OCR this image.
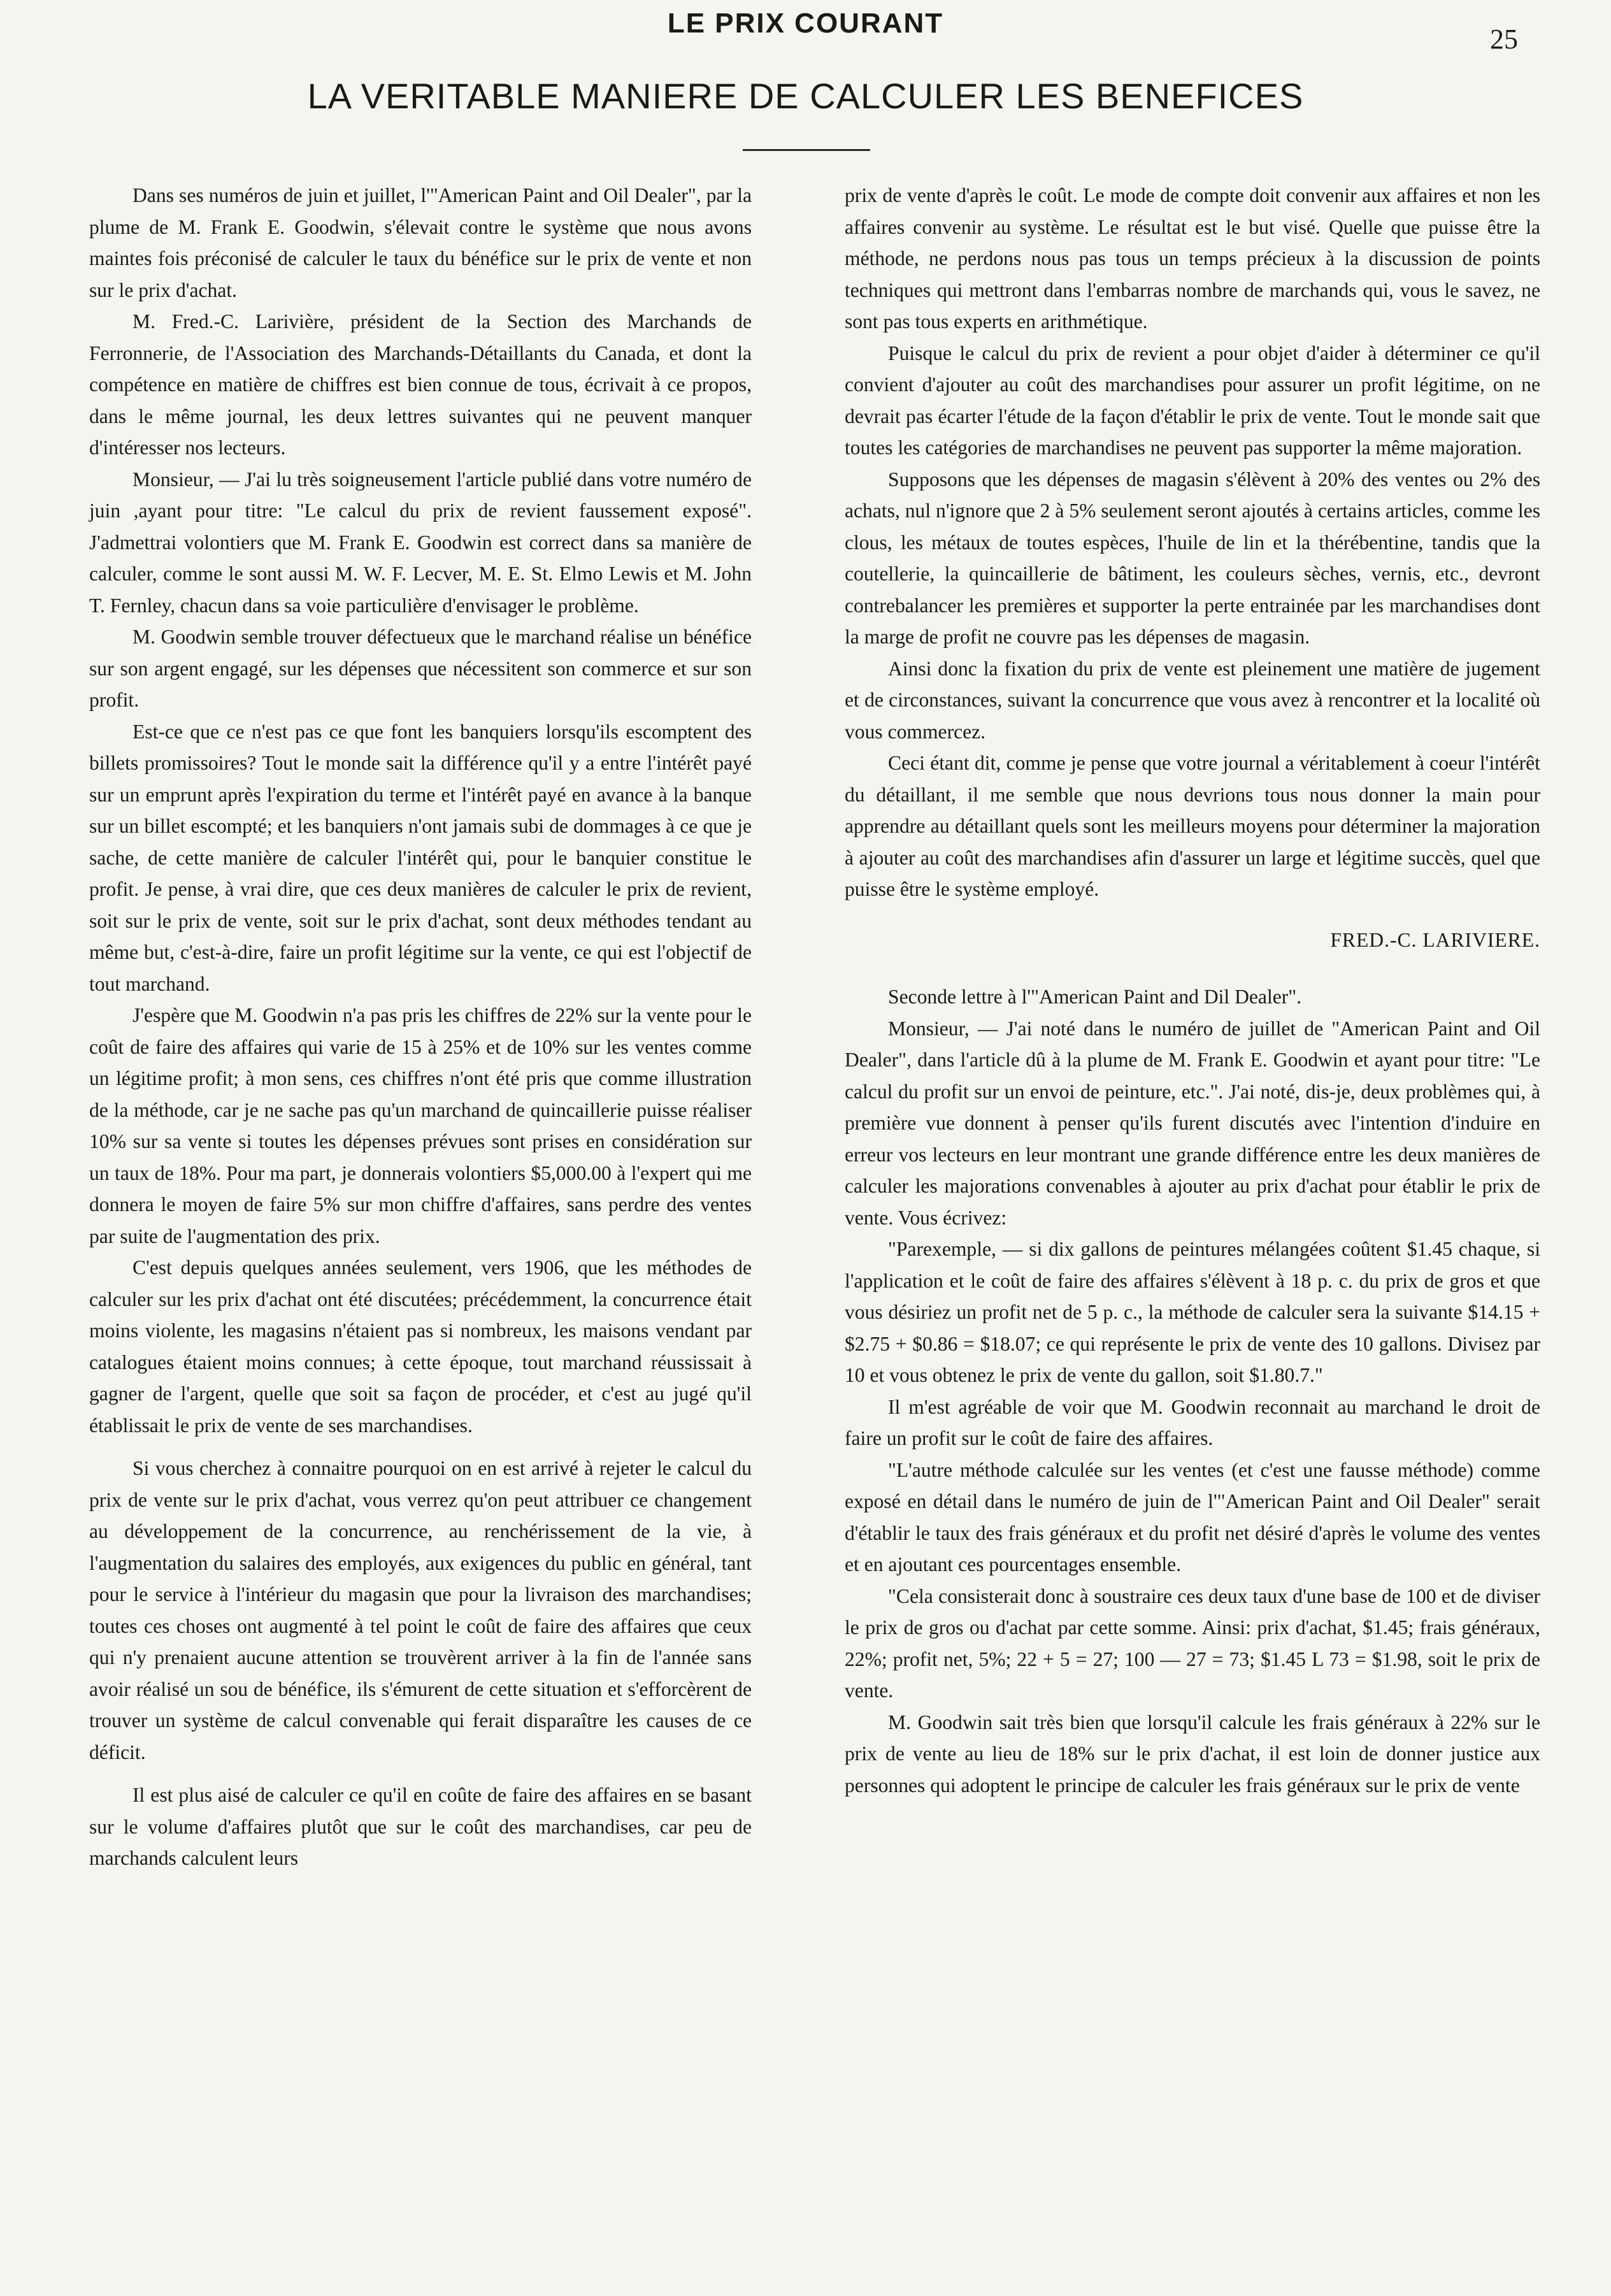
LE PRIX COURANT
25
LA VERITABLE MANIERE DE CALCULER LES BENEFICES

Dans ses numéros de juin et juillet, l'"American Paint and Oil Dealer", par la plume de M. Frank E. Goodwin, s'élevait contre le système que nous avons maintes fois préconisé de calculer le taux du bénéfice sur le prix de vente et non sur le prix d'achat.

M. Fred.-C. Larivière, président de la Section des Marchands de Ferronnerie, de l'Association des Marchands-Détaillants du Canada, et dont la compétence en matière de chiffres est bien connue de tous, écrivait à ce propos, dans le même journal, les deux lettres suivantes qui ne peuvent manquer d'intéresser nos lecteurs.

Monsieur, — J'ai lu très soigneusement l'article publié dans votre numéro de juin ,ayant pour titre: "Le calcul du prix de revient faussement exposé". J'admettrai volontiers que M. Frank E. Goodwin est correct dans sa manière de calculer, comme le sont aussi M. W. F. Lecver, M. E. St. Elmo Lewis et M. John T. Fernley, chacun dans sa voie particulière d'envisager le problème.

M. Goodwin semble trouver défectueux que le marchand réalise un bénéfice sur son argent engagé, sur les dépenses que nécessitent son commerce et sur son profit.

Est-ce que ce n'est pas ce que font les banquiers lorsqu'ils escomptent des billets promissoires? Tout le monde sait la différence qu'il y a entre l'intérêt payé sur un emprunt après l'expiration du terme et l'intérêt payé en avance à la banque sur un billet escompté; et les banquiers n'ont jamais subi de dommages à ce que je sache, de cette manière de calculer l'intérêt qui, pour le banquier constitue le profit. Je pense, à vrai dire, que ces deux manières de calculer le prix de revient, soit sur le prix de vente, soit sur le prix d'achat, sont deux méthodes tendant au même but, c'est-à-dire, faire un profit légitime sur la vente, ce qui est l'objectif de tout marchand.

J'espère que M. Goodwin n'a pas pris les chiffres de 22% sur la vente pour le coût de faire des affaires qui varie de 15 à 25% et de 10% sur les ventes comme un légitime profit; à mon sens, ces chiffres n'ont été pris que comme illustration de la méthode, car je ne sache pas qu'un marchand de quincaillerie puisse réaliser 10% sur sa vente si toutes les dépenses prévues sont prises en considération sur un taux de 18%. Pour ma part, je donnerais volontiers $5,000.00 à l'expert qui me donnera le moyen de faire 5% sur mon chiffre d'affaires, sans perdre des ventes par suite de l'augmentation des prix.

C'est depuis quelques années seulement, vers 1906, que les méthodes de calculer sur les prix d'achat ont été discutées; précédemment, la concurrence était moins violente, les magasins n'étaient pas si nombreux, les maisons vendant par catalogues étaient moins connues; à cette époque, tout marchand réussissait à gagner de l'argent, quelle que soit sa façon de procéder, et c'est au jugé qu'il établissait le prix de vente de ses marchandises.

Si vous cherchez à connaitre pourquoi on en est arrivé à rejeter le calcul du prix de vente sur le prix d'achat, vous verrez qu'on peut attribuer ce changement au développement de la concurrence, au renchérissement de la vie, à l'augmentation du salaires des employés, aux exigences du public en général, tant pour le service à l'intérieur du magasin que pour la livraison des marchandises; toutes ces choses ont augmenté à tel point le coût de faire des affaires que ceux qui n'y prenaient aucune attention se trouvèrent arriver à la fin de l'année sans avoir réalisé un sou de bénéfice, ils s'émurent de cette situation et s'efforcèrent de trouver un système de calcul convenable qui ferait disparaître les causes de ce déficit.

Il est plus aisé de calculer ce qu'il en coûte de faire des affaires en se basant sur le volume d'affaires plutôt que sur le coût des marchandises, car peu de marchands calculent leurs

prix de vente d'après le coût. Le mode de compte doit convenir aux affaires et non les affaires convenir au système. Le résultat est le but visé. Quelle que puisse être la méthode, ne perdons nous pas tous un temps précieux à la discussion de points techniques qui mettront dans l'embarras nombre de marchands qui, vous le savez, ne sont pas tous experts en arithmétique.

Puisque le calcul du prix de revient a pour objet d'aider à déterminer ce qu'il convient d'ajouter au coût des marchandises pour assurer un profit légitime, on ne devrait pas écarter l'étude de la façon d'établir le prix de vente. Tout le monde sait que toutes les catégories de marchandises ne peuvent pas supporter la même majoration.

Supposons que les dépenses de magasin s'élèvent à 20% des ventes ou 2% des achats, nul n'ignore que 2 à 5% seulement seront ajoutés à certains articles, comme les clous, les métaux de toutes espèces, l'huile de lin et la thérébentine, tandis que la coutellerie, la quincaillerie de bâtiment, les couleurs sèches, vernis, etc., devront contrebalancer les premières et supporter la perte entrainée par les marchandises dont la marge de profit ne couvre pas les dépenses de magasin.

Ainsi donc la fixation du prix de vente est pleinement une matière de jugement et de circonstances, suivant la concurrence que vous avez à rencontrer et la localité où vous commercez.

Ceci étant dit, comme je pense que votre journal a véritablement à coeur l'intérêt du détaillant, il me semble que nous devrions tous nous donner la main pour apprendre au détaillant quels sont les meilleurs moyens pour déterminer la majoration à ajouter au coût des marchandises afin d'assurer un large et légitime succès, quel que puisse être le système employé.

FRED.-C. LARIVIERE.

Seconde lettre à l'"American Paint and Dil Dealer".

Monsieur, — J'ai noté dans le numéro de juillet de "American Paint and Oil Dealer", dans l'article dû à la plume de M. Frank E. Goodwin et ayant pour titre: "Le calcul du profit sur un envoi de peinture, etc.". J'ai noté, dis-je, deux problèmes qui, à première vue donnent à penser qu'ils furent discutés avec l'intention d'induire en erreur vos lecteurs en leur montrant une grande différence entre les deux manières de calculer les majorations convenables à ajouter au prix d'achat pour établir le prix de vente. Vous écrivez:

"Parexemple, — si dix gallons de peintures mélangées coûtent $1.45 chaque, si l'application et le coût de faire des affaires s'élèvent à 18 p. c. du prix de gros et que vous désiriez un profit net de 5 p. c., la méthode de calculer sera la suivante $14.15 + $2.75 + $0.86 = $18.07; ce qui représente le prix de vente des 10 gallons. Divisez par 10 et vous obtenez le prix de vente du gallon, soit $1.80.7."

Il m'est agréable de voir que M. Goodwin reconnait au marchand le droit de faire un profit sur le coût de faire des affaires.

"L'autre méthode calculée sur les ventes (et c'est une fausse méthode) comme exposé en détail dans le numéro de juin de l'"American Paint and Oil Dealer" serait d'établir le taux des frais généraux et du profit net désiré d'après le volume des ventes et en ajoutant ces pourcentages ensemble.

"Cela consisterait donc à soustraire ces deux taux d'une base de 100 et de diviser le prix de gros ou d'achat par cette somme. Ainsi: prix d'achat, $1.45; frais généraux, 22%; profit net, 5%; 22 + 5 = 27; 100 — 27 = 73; $1.45 L 73 = $1.98, soit le prix de vente.

M. Goodwin sait très bien que lorsqu'il calcule les frais généraux à 22% sur le prix de vente au lieu de 18% sur le prix d'achat, il est loin de donner justice aux personnes qui adoptent le principe de calculer les frais généraux sur le prix de vente
